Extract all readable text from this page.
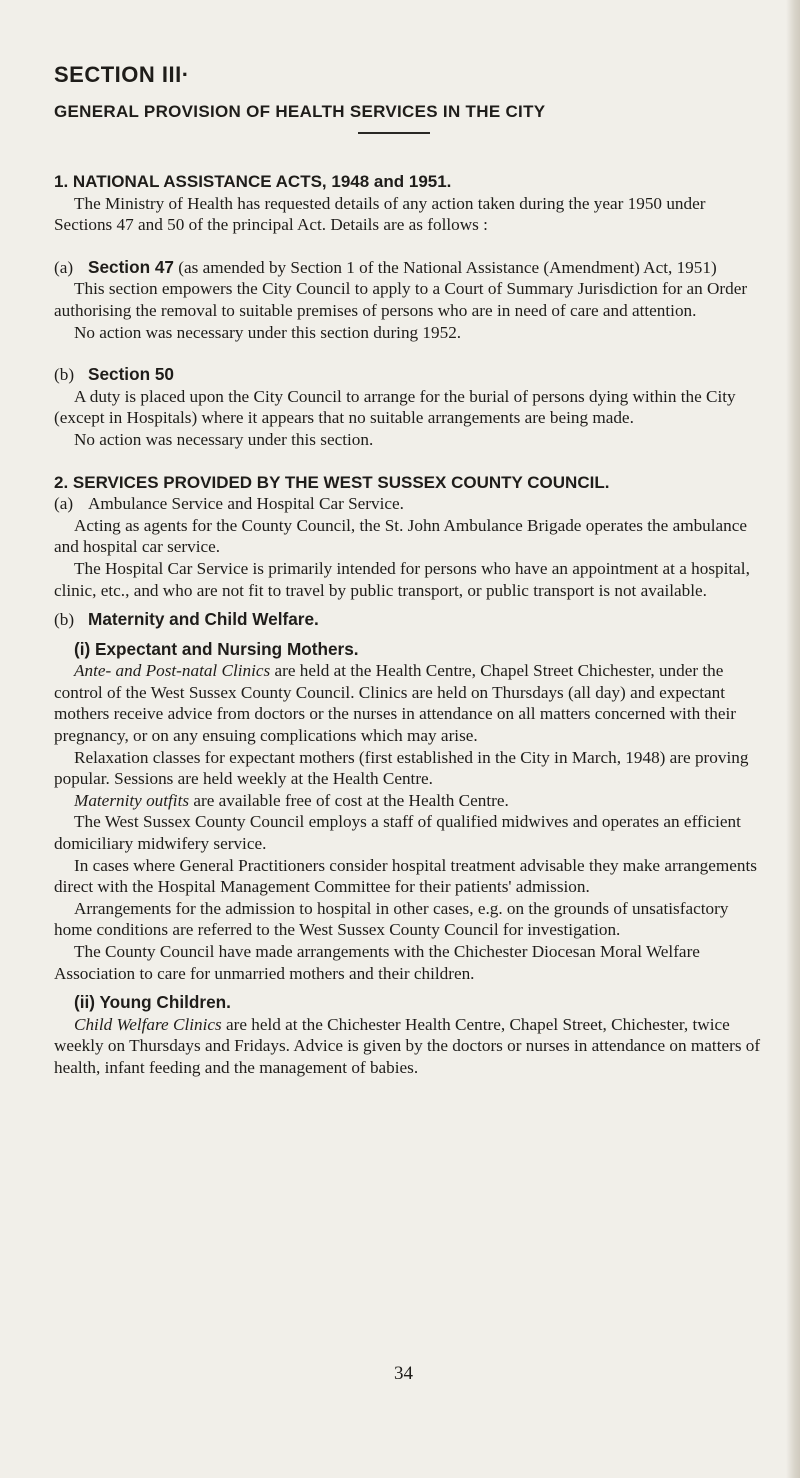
SECTION III·
GENERAL PROVISION OF HEALTH SERVICES IN THE CITY

1. NATIONAL ASSISTANCE ACTS, 1948 and 1951.

The Ministry of Health has requested details of any action taken during the year 1950 under Sections 47 and 50 of the principal Act. Details are as follows :

(a) Section 47 (as amended by Section 1 of the National Assistance (Amendment) Act, 1951)

This section empowers the City Council to apply to a Court of Summary Jurisdiction for an Order authorising the removal to suitable premises of persons who are in need of care and attention.

No action was necessary under this section during 1952.

(b) Section 50

A duty is placed upon the City Council to arrange for the burial of persons dying within the City (except in Hospitals) where it appears that no suitable arrangements are being made.

No action was necessary under this section.

2. SERVICES PROVIDED BY THE WEST SUSSEX COUNTY COUNCIL.

(a) Ambulance Service and Hospital Car Service.

Acting as agents for the County Council, the St. John Ambulance Brigade operates the ambulance and hospital car service.

The Hospital Car Service is primarily intended for persons who have an appointment at a hospital, clinic, etc., and who are not fit to travel by public transport, or public transport is not available.

(b) Maternity and Child Welfare.

(i) Expectant and Nursing Mothers.

Ante- and Post-natal Clinics are held at the Health Centre, Chapel Street Chichester, under the control of the West Sussex County Council. Clinics are held on Thursdays (all day) and expectant mothers receive advice from doctors or the nurses in attendance on all matters concerned with their pregnancy, or on any ensuing complications which may arise.

Relaxation classes for expectant mothers (first established in the City in March, 1948) are proving popular. Sessions are held weekly at the Health Centre.

Maternity outfits are available free of cost at the Health Centre.

The West Sussex County Council employs a staff of qualified midwives and operates an efficient domiciliary midwifery service.

In cases where General Practitioners consider hospital treatment advisable they make arrangements direct with the Hospital Management Committee for their patients' admission.

Arrangements for the admission to hospital in other cases, e.g. on the grounds of unsatisfactory home conditions are referred to the West Sussex County Council for investigation.

The County Council have made arrangements with the Chichester Diocesan Moral Welfare Association to care for unmarried mothers and their children.

(ii) Young Children.

Child Welfare Clinics are held at the Chichester Health Centre, Chapel Street, Chichester, twice weekly on Thursdays and Fridays. Advice is given by the doctors or nurses in attendance on matters of health, infant feeding and the management of babies.

34
